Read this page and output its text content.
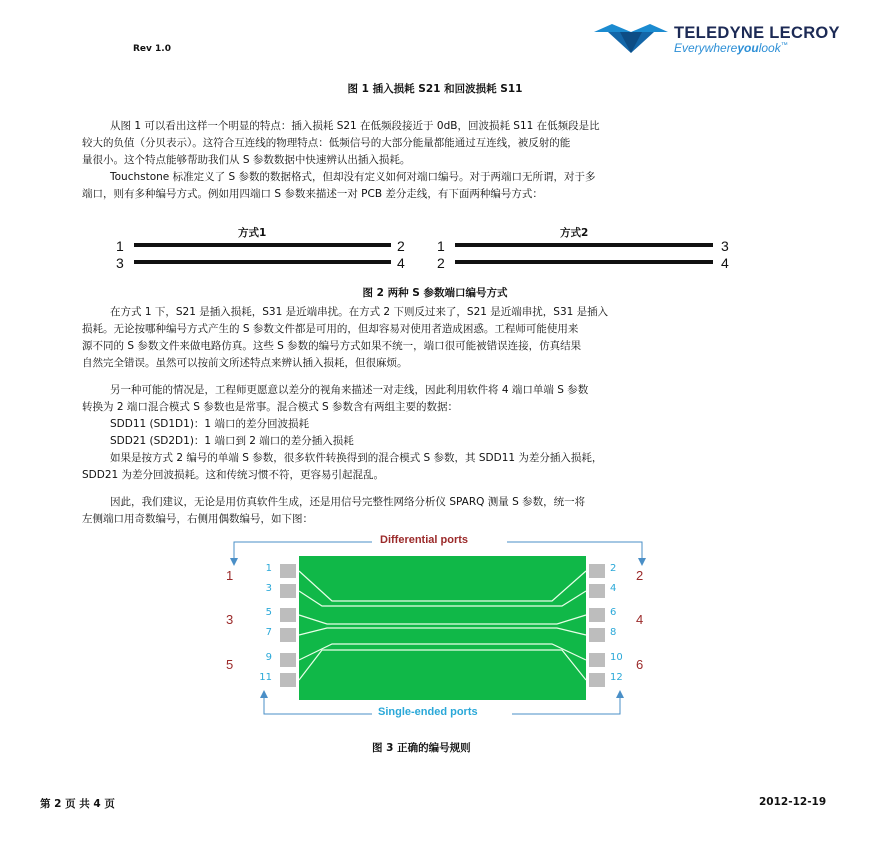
Rev 1.0
TELEDYNE LECROY
Everywhereyoulook™
图 1 插入损耗 S21 和回波损耗 S11
从图 1 可以看出这样一个明显的特点：插入损耗 S21 在低频段接近于 0dB，回波损耗 S11 在低频段是比
较大的负值（分贝表示）。这符合互连线的物理特点：低频信号的大部分能量都能通过互连线，被反射的能
量很小。这个特点能够帮助我们从 S 参数数据中快速辨认出插入损耗。
Touchstone 标准定义了 S 参数的数据格式，但却没有定义如何对端口编号。对于两端口无所谓，对于多
端口，则有多种编号方式。例如用四端口 S 参数来描述一对 PCB 差分走线，有下面两种编号方式：
方式1	方式2
1	2
3	4
1	3
2	4
图 2 两种 S 参数端口编号方式
在方式 1 下，S21 是插入损耗，S31 是近端串扰。在方式 2 下则反过来了，S21 是近端串扰，S31 是插入
损耗。无论按哪种编号方式产生的 S 参数文件都是可用的，但却容易对使用者造成困惑。工程师可能使用来
源不同的 S 参数文件来做电路仿真。这些 S 参数的编号方式如果不统一，端口很可能被错误连接，仿真结果
自然完全错误。虽然可以按前文所述特点来辨认插入损耗，但很麻烦。
另一种可能的情况是，工程师更愿意以差分的视角来描述一对走线，因此利用软件将 4 端口单端 S 参数
转换为 2 端口混合模式 S 参数也是常事。混合模式 S 参数含有两组主要的数据：
SDD11 (SD1D1)：1 端口的差分回波损耗
SDD21 (SD2D1)：1 端口到 2 端口的差分插入损耗
如果是按方式 2 编号的单端 S 参数，很多软件转换得到的混合模式 S 参数，其 SDD11 为差分插入损耗，
SDD21 为差分回波损耗。这和传统习惯不符，更容易引起混乱。
因此，我们建议，无论是用仿真软件生成，还是用信号完整性网络分析仪 SPARQ 测量 S 参数，统一将
左侧端口用奇数编号，右侧用偶数编号，如下图：
Differential ports
Single-ended ports
1
3
5
7
9
11
2
4
6
8
10
12
1
3
5
2
4
6
图 3 正确的编号规则
第 2 页 共 4 页	2012-12-19
